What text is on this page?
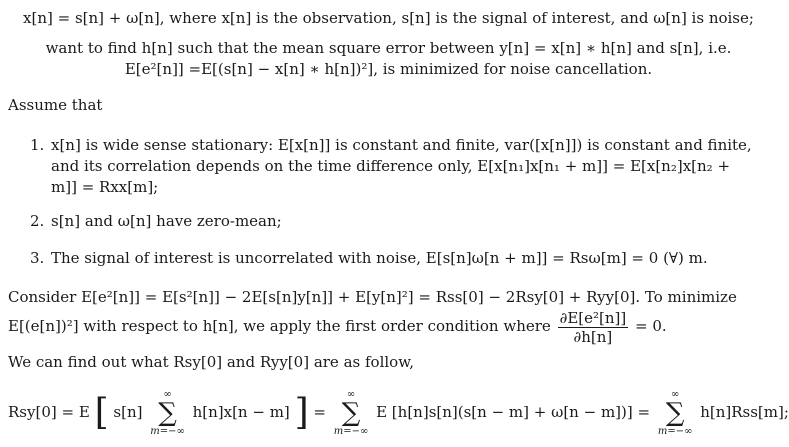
x[n] = s[n] + ω[n], where x[n] is the observation, s[n] is the signal of interest, and ω[n] is noise;
want to find h[n] such that the mean square error between y[n] = x[n] ∗ h[n] and s[n], i.e.
E[e²[n]] =E[(s[n] − x[n] ∗ h[n])²], is minimized for noise cancellation.
Assume that
1. x[n] is wide sense stationary: E[x[n]] is constant and finite, var([x[n]]) is constant and finite,
and its correlation depends on the time difference only, E[x[n₁]x[n₁ + m]] = E[x[n₂]x[n₂ +
m]] = Rxx[m];
2. s[n] and ω[n] have zero-mean;
3. The signal of interest is uncorrelated with noise, E[s[n]ω[n + m]] = Rsω[m] = 0 (∀) m.
Consider E[e²[n]] = E[s²[n]] − 2E[s[n]y[n]] + E[y[n]²] = Rss[0] − 2Rsy[0] + Ryy[0]. To minimize
E[(e[n])²] with respect to h[n], we apply the first order condition where $\frac{\text{∂E[e²[n]]}}{\partial h[n]} = 0$.
We can find out what Rsy[0] and Ryy[0] are as follow,
Rsy[0] = E [ s[n]
∞
∑
m=−∞
h[n]x[n − m] ] =
∞
∑
m=−∞
E [h[n]s[n](s[n − m] + ω[n − m])] =
∞
∑
m=−∞
h[n]Rss[m];
